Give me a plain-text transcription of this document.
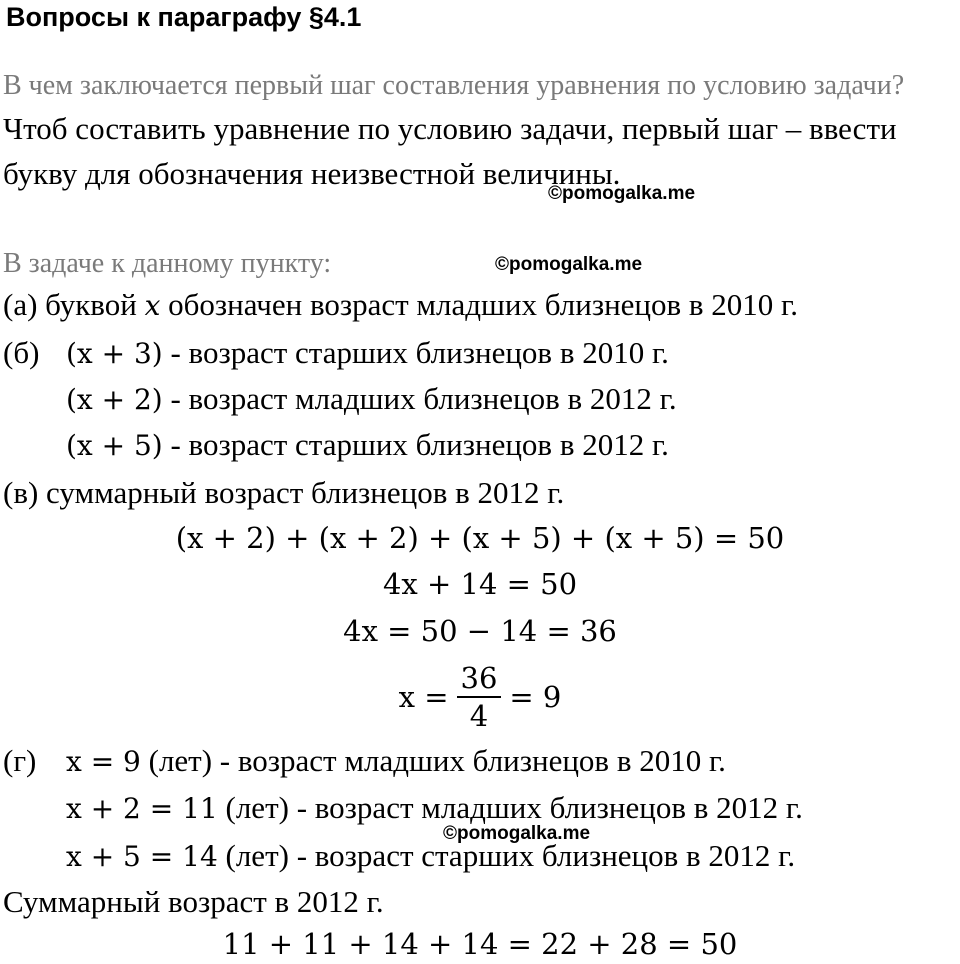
Вопросы к параграфу §4.1
В чем заключается первый шаг составления уравнения по условию задачи?
Чтоб составить уравнение по условию задачи, первый шаг – ввести
букву для обозначения неизвестной величины.
©pomogalka.me
В задаче к данному пункту:	©pomogalka.me
(а) буквой x обозначен возраст младших близнецов в 2010 г.
(б) (x + 3) - возраст старших близнецов в 2010 г.
(x + 2) - возраст младших близнецов в 2012 г.
(x + 5) - возраст старших близнецов в 2012 г.
(в) суммарный возраст близнецов в 2012 г.
(x + 2) + (x + 2) + (x + 5) + (x + 5) = 50
4x + 14 = 50
4x = 50 − 14 = 36
$x = \frac{36}{4} = 9$
(г) x = 9 (лет) - возраст младших близнецов в 2010 г.
x + 2 = 11 (лет) - возраст младших близнецов в 2012 г.
©pomogalka.me
x + 5 = 14 (лет) - возраст старших близнецов в 2012 г.
Суммарный возраст в 2012 г.
11 + 11 + 14 + 14 = 22 + 28 = 50
